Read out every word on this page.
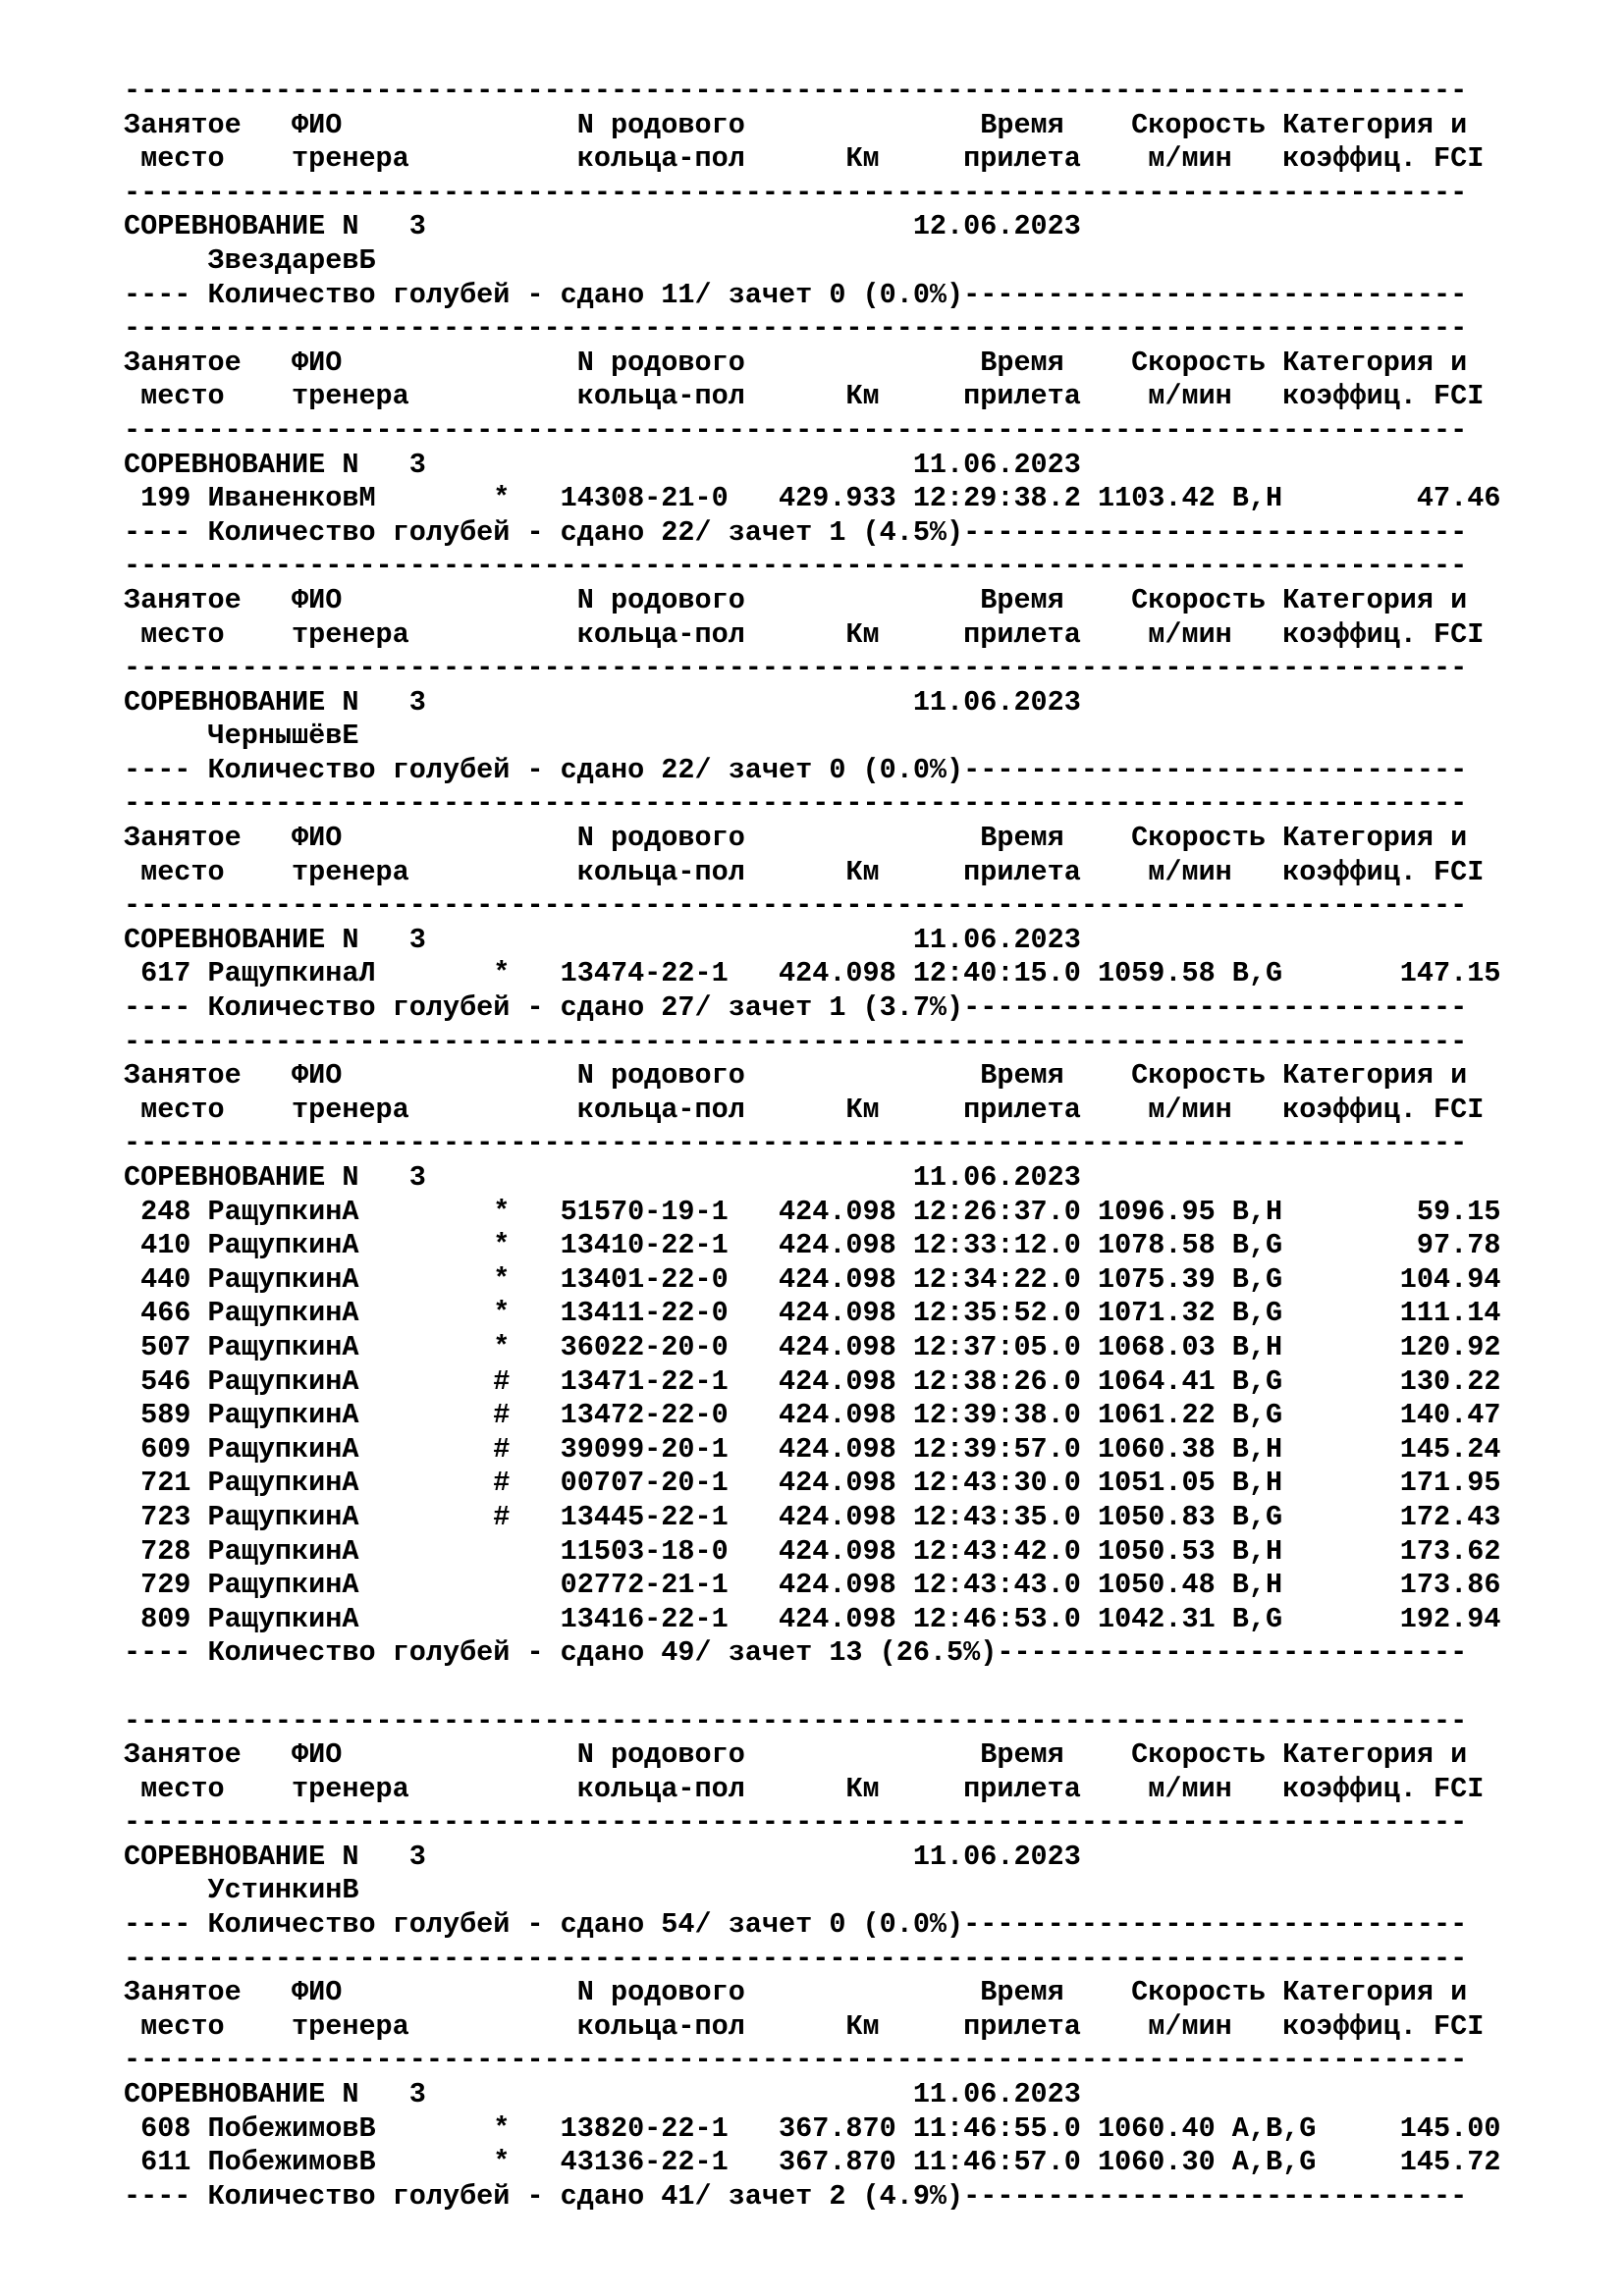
--------------------------------------------------------------------------------
Занятое   ФИО              N родового              Время    Скорость Категория и
место    тренера          кольца-пол      Км     прилета    м/мин   коэффиц. FCI
--------------------------------------------------------------------------------
СОРЕВНОВАНИЕ N   3                             12.06.2023
ЗвездаревБ
---- Количество голубей - сдано 11/ зачет 0 (0.0%)------------------------------
--------------------------------------------------------------------------------
Занятое   ФИО              N родового              Время    Скорость Категория и
место    тренера          кольца-пол      Км     прилета    м/мин   коэффиц. FCI
--------------------------------------------------------------------------------
СОРЕВНОВАНИЕ N   3                             11.06.2023
199 ИваненковМ       *   14308-21-0   429.933 12:29:38.2 1103.42 B,H        47.46
---- Количество голубей - сдано 22/ зачет 1 (4.5%)------------------------------
--------------------------------------------------------------------------------
Занятое   ФИО              N родового              Время    Скорость Категория и
место    тренера          кольца-пол      Км     прилета    м/мин   коэффиц. FCI
--------------------------------------------------------------------------------
СОРЕВНОВАНИЕ N   3                             11.06.2023
ЧернышёвЕ
---- Количество голубей - сдано 22/ зачет 0 (0.0%)------------------------------
--------------------------------------------------------------------------------
Занятое   ФИО              N родового              Время    Скорость Категория и
место    тренера          кольца-пол      Км     прилета    м/мин   коэффиц. FCI
--------------------------------------------------------------------------------
СОРЕВНОВАНИЕ N   3                             11.06.2023
617 РащупкинаЛ       *   13474-22-1   424.098 12:40:15.0 1059.58 B,G       147.15
---- Количество голубей - сдано 27/ зачет 1 (3.7%)------------------------------
--------------------------------------------------------------------------------
Занятое   ФИО              N родового              Время    Скорость Категория и
место    тренера          кольца-пол      Км     прилета    м/мин   коэффиц. FCI
--------------------------------------------------------------------------------
СОРЕВНОВАНИЕ N   3                             11.06.2023
248 РащупкинА        *   51570-19-1   424.098 12:26:37.0 1096.95 B,H        59.15
410 РащупкинА        *   13410-22-1   424.098 12:33:12.0 1078.58 B,G        97.78
440 РащупкинА        *   13401-22-0   424.098 12:34:22.0 1075.39 B,G       104.94
466 РащупкинА        *   13411-22-0   424.098 12:35:52.0 1071.32 B,G       111.14
507 РащупкинА        *   36022-20-0   424.098 12:37:05.0 1068.03 B,H       120.92
546 РащупкинА        #   13471-22-1   424.098 12:38:26.0 1064.41 B,G       130.22
589 РащупкинА        #   13472-22-0   424.098 12:39:38.0 1061.22 B,G       140.47
609 РащупкинА        #   39099-20-1   424.098 12:39:57.0 1060.38 B,H       145.24
721 РащупкинА        #   00707-20-1   424.098 12:43:30.0 1051.05 B,H       171.95
723 РащупкинА        #   13445-22-1   424.098 12:43:35.0 1050.83 B,G       172.43
728 РащупкинА            11503-18-0   424.098 12:43:42.0 1050.53 B,H       173.62
729 РащупкинА            02772-21-1   424.098 12:43:43.0 1050.48 B,H       173.86
809 РащупкинА            13416-22-1   424.098 12:46:53.0 1042.31 B,G       192.94
---- Количество голубей - сдано 49/ зачет 13 (26.5%)----------------------------
--------------------------------------------------------------------------------
Занятое   ФИО              N родового              Время    Скорость Категория и
место    тренера          кольца-пол      Км     прилета    м/мин   коэффиц. FCI
--------------------------------------------------------------------------------
СОРЕВНОВАНИЕ N   3                             11.06.2023
УстинкинВ
---- Количество голубей - сдано 54/ зачет 0 (0.0%)------------------------------
--------------------------------------------------------------------------------
Занятое   ФИО              N родового              Время    Скорость Категория и
место    тренера          кольца-пол      Км     прилета    м/мин   коэффиц. FCI
--------------------------------------------------------------------------------
СОРЕВНОВАНИЕ N   3                             11.06.2023
608 ПобежимовВ       *   13820-22-1   367.870 11:46:55.0 1060.40 A,B,G     145.00
611 ПобежимовВ       *   43136-22-1   367.870 11:46:57.0 1060.30 A,B,G     145.72
---- Количество голубей - сдано 41/ зачет 2 (4.9%)------------------------------
